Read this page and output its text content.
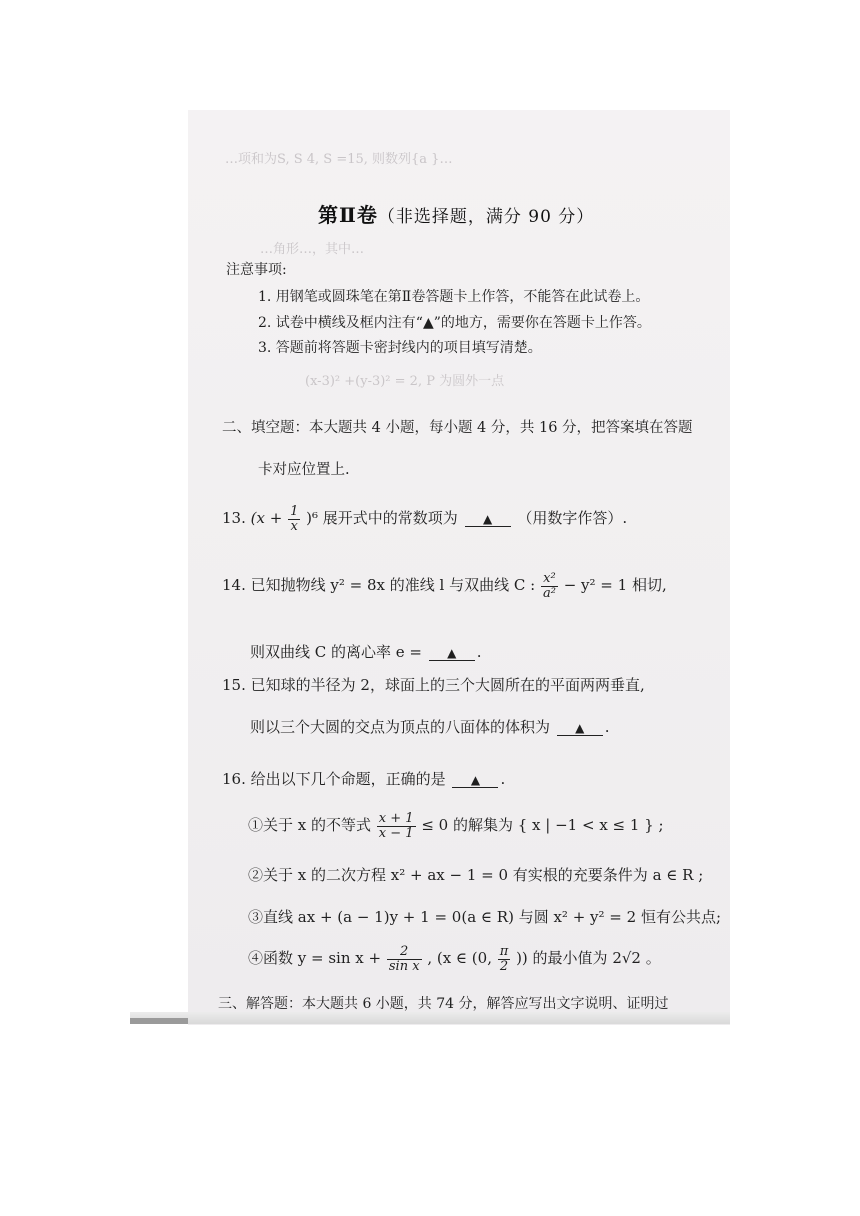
…项和为S, S 4, S =15, 则数列{a }…
…角形…，其中…
(x-3)² +(y-3)² = 2, P 为圆外一点
第Ⅱ卷（非选择题，满分 90 分）
注意事项:
1. 用钢笔或圆珠笔在第Ⅱ卷答题卡上作答，不能答在此试卷上。
2. 试卷中横线及框内注有“▲”的地方，需要你在答题卡上作答。
3. 答题前将答题卡密封线内的项目填写清楚。
二、填空题：本大题共 4 小题，每小题 4 分，共 16 分，把答案填在答题
卡对应位置上.
13. $(x + \frac{1}{x} )^6$ 展开式中的常数项为 ▲ （用数字作答）.
14. 已知抛物线 y² = 8x 的准线 l 与双曲线 C : $\frac{\text{x²}}{\text{a²}} - y^2 = 1$ 相切,
则双曲线 C 的离心率 e = ▲ .
15. 已知球的半径为 2，球面上的三个大圆所在的平面两两垂直,
则以三个大圆的交点为顶点的八面体的体积为 ▲ .
16. 给出以下几个命题，正确的是 ▲ .
①关于 x 的不等式 $\frac{x + 1}{x - 1} \le 0$ 的解集为 { x | −1 < x ≤ 1 } ;
②关于 x 的二次方程 x² + ax − 1 = 0 有实根的充要条件为 a ∈ R ;
③直线 ax + (a − 1)y + 1 = 0(a ∈ R) 与圆 x² + y² = 2 恒有公共点;
④函数 $y = \sin x + \frac{2}{\text{sin x}}$ , (x ∈ (0, $\frac{\pi}{2}$ )) 的最小值为 2√2 。
三、解答题：本大题共 6 小题，共 74 分，解答应写出文字说明、证明过
